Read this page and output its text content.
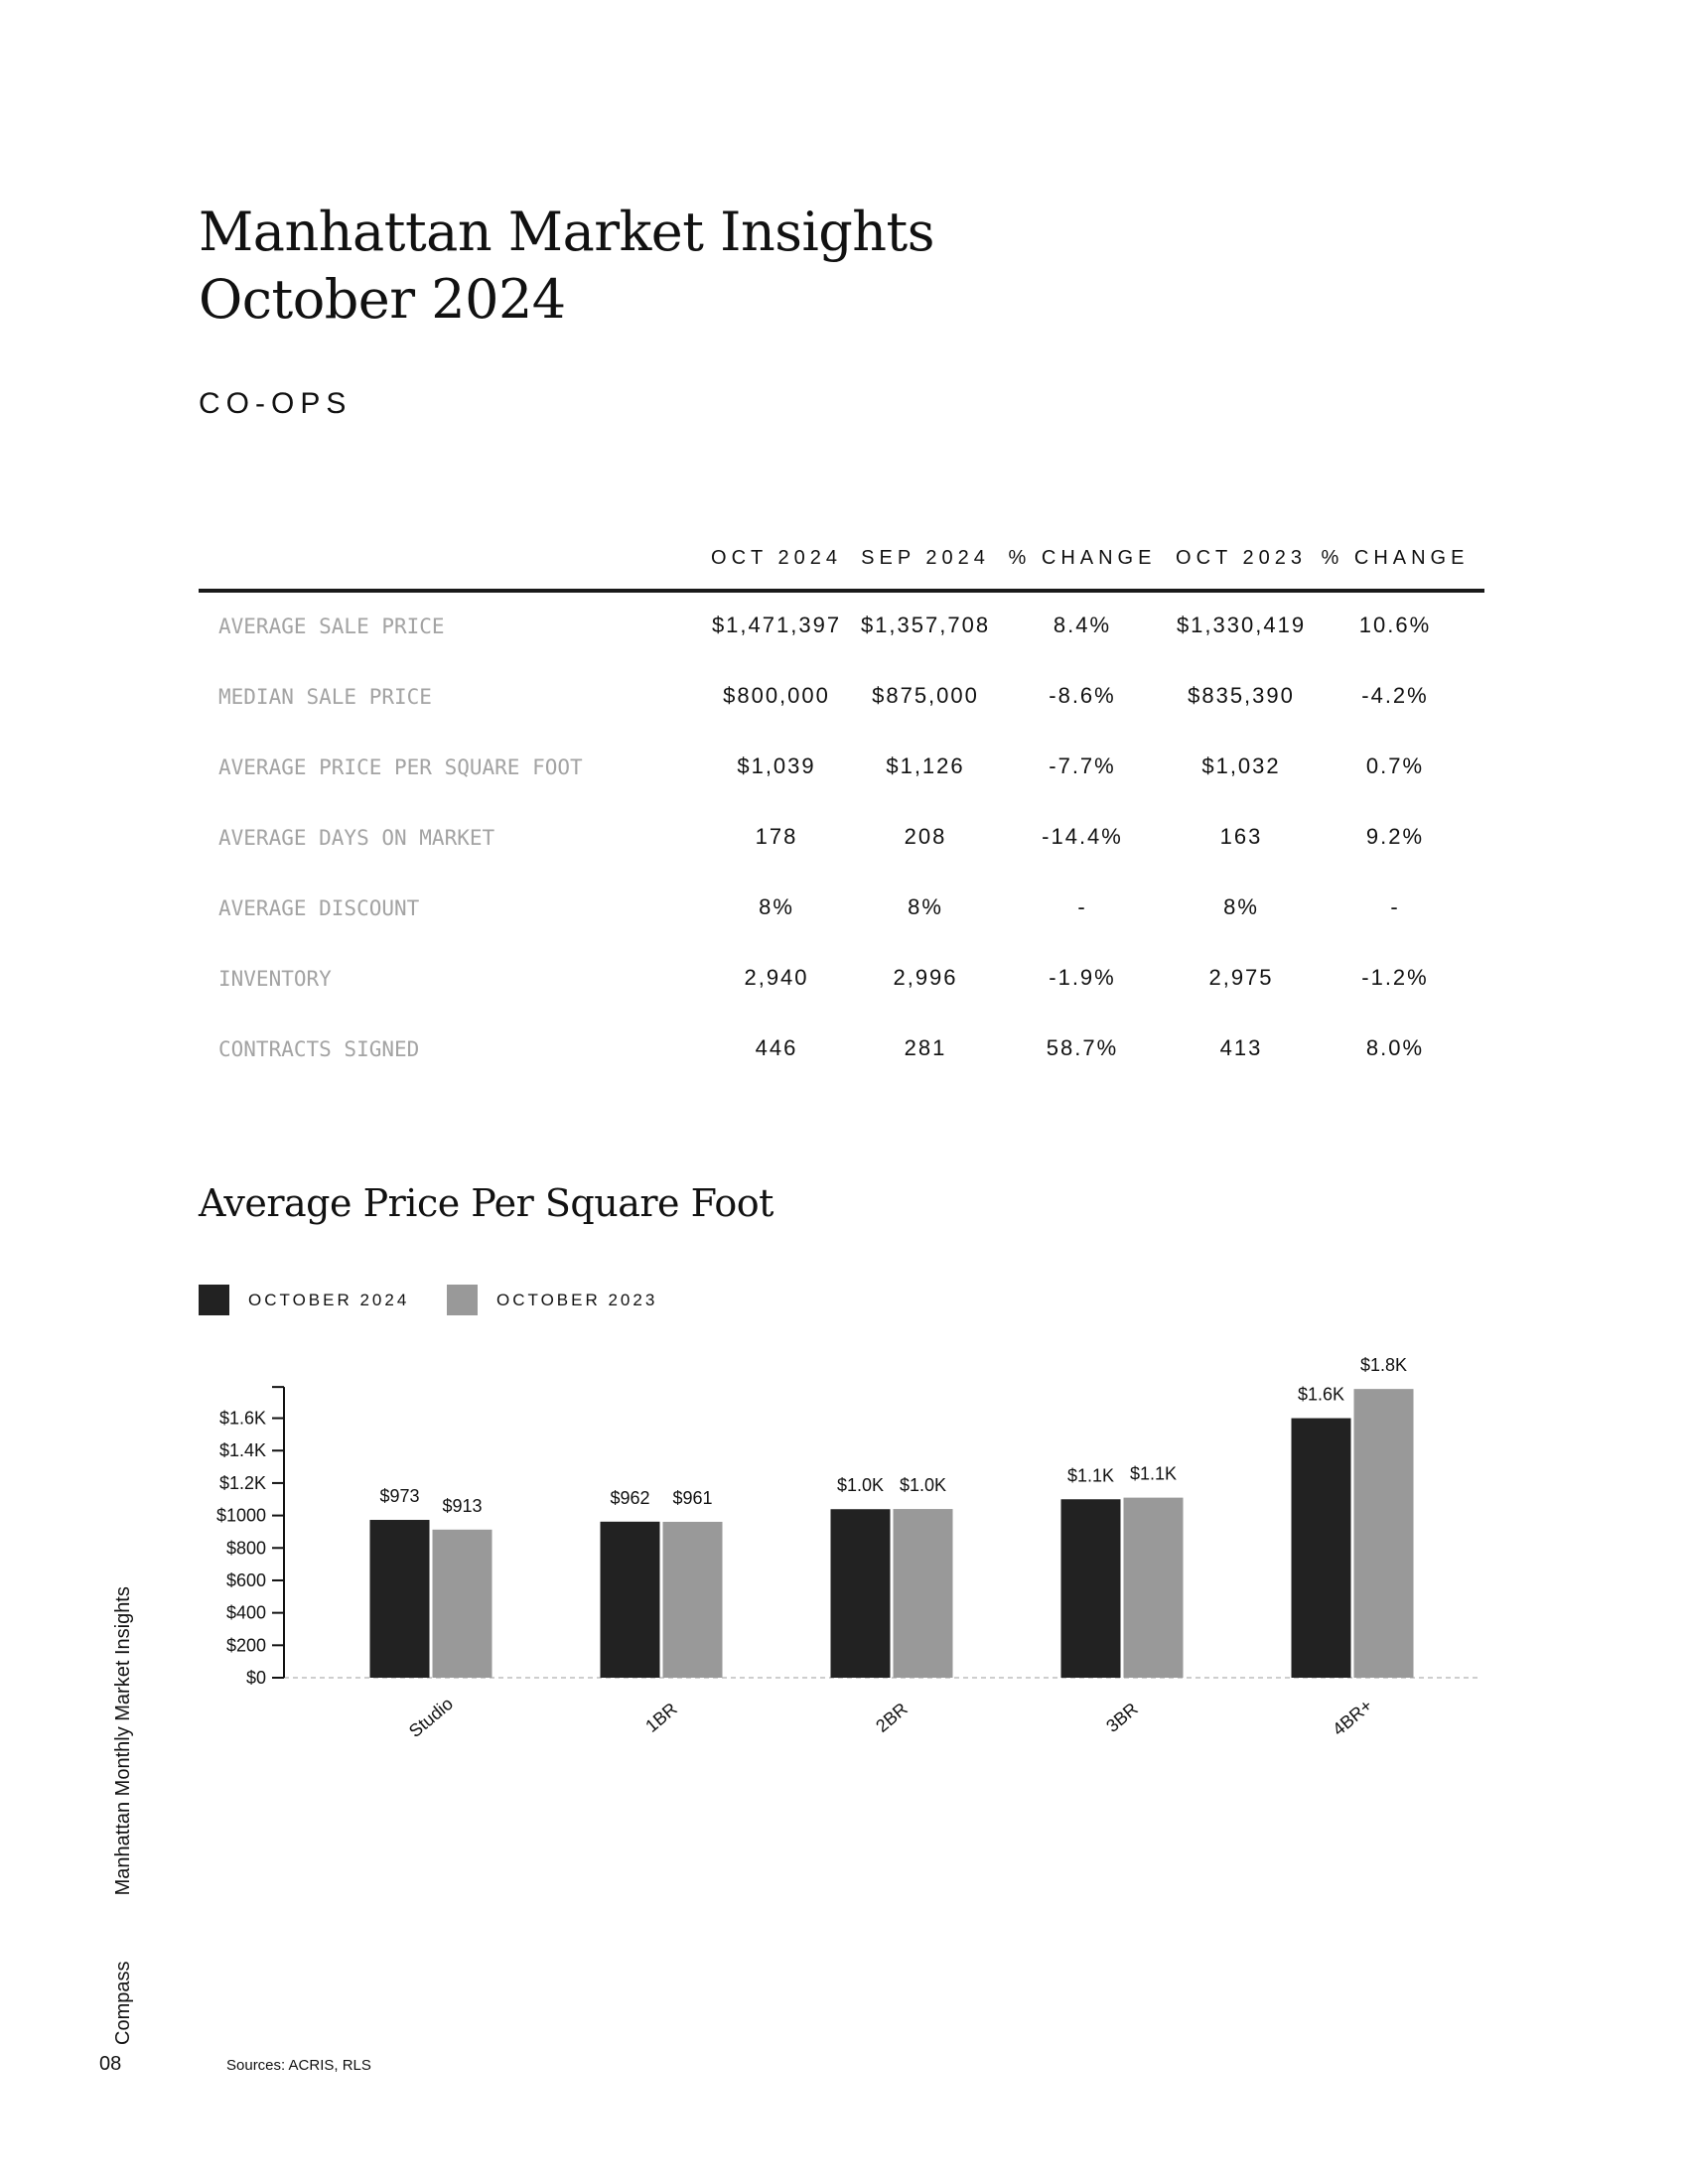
Manhattan Market Insights
October 2024
CO-OPS
OCT 2024 SEP 2024 % CHANGE OCT 2023 % CHANGE
AVERAGE SALE PRICE	$1,471,397 $1,357,708	8.4%	$1,330,419 10.6%
MEDIAN SALE PRICE	$800,000 $875,000	-8.6%	$835,390	-4.2%
AVERAGE PRICE PER SQUARE FOOT	$1,039	$1,126	-7.7%	$1,032	0.7%
AVERAGE DAYS ON MARKET	178	208	-14.4%	163	9.2%
AVERAGE DISCOUNT	8%	8%	-	8%	-
INVENTORY	2,940	2,996	-1.9%	2,975	-1.2%
CONTRACTS SIGNED	446	281	58.7%	413	8.0%
Average Price Per Square Foot
OCTOBER 2024	OCTOBER 2023
$0
$200
$400
$600
$800
$1000
$1.2K
$1.4K
$1.6K
$973 $913
Studio
$962 $961
1BR
$1.0K $1.0K
2BR
$1.1K $1.1K
3BR
$1.6K
$1.8K
4BR+
Compass  Manhattan Monthly Market Insights
08	Sources: ACRIS, RLS
